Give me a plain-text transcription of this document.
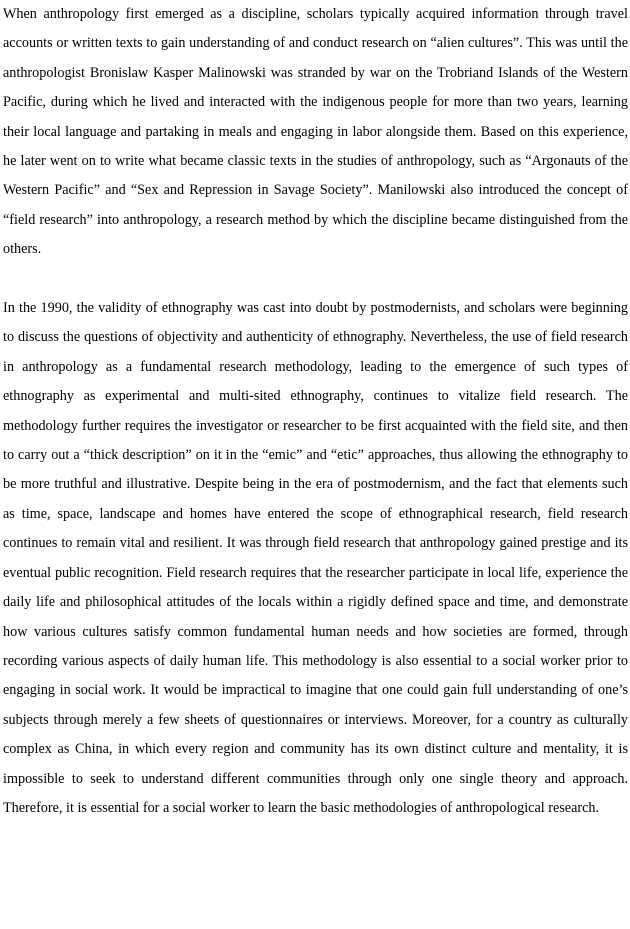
When anthropology first emerged as a discipline, scholars typically acquired information through travel accounts or written texts to gain understanding of and conduct research on “alien cultures”. This was until the anthropologist Bronislaw Kasper Malinowski was stranded by war on the Trobriand Islands of the Western Pacific, during which he lived and interacted with the indigenous people for more than two years, learning their local language and partaking in meals and engaging in labor alongside them. Based on this experience, he later went on to write what became classic texts in the studies of anthropology, such as “Argonauts of the Western Pacific” and “Sex and Repression in Savage Society”. Manilowski also introduced the concept of “field research” into anthropology, a research method by which the discipline became distinguished from the others.

In the 1990, the validity of ethnography was cast into doubt by postmodernists, and scholars were beginning to discuss the questions of objectivity and authenticity of ethnography. Nevertheless, the use of field research in anthropology as a fundamental research methodology, leading to the emergence of such types of ethnography as experimental and multi-sited ethnography, continues to vitalize field research. The methodology further requires the investigator or researcher to be first acquainted with the field site, and then to carry out a “thick description” on it in the “emic” and “etic” approaches, thus allowing the ethnography to be more truthful and illustrative. Despite being in the era of postmodernism, and the fact that elements such as time, space, landscape and homes have entered the scope of ethnographical research, field research continues to remain vital and resilient. It was through field research that anthropology gained prestige and its eventual public recognition. Field research requires that the researcher participate in local life, experience the daily life and philosophical attitudes of the locals within a rigidly defined space and time, and demonstrate how various cultures satisfy common fundamental human needs and how societies are formed, through recording various aspects of daily human life. This methodology is also essential to a social worker prior to engaging in social work. It would be impractical to imagine that one could gain full understanding of one’s subjects through merely a few sheets of questionnaires or interviews. Moreover, for a country as culturally complex as China, in which every region and community has its own distinct culture and mentality, it is impossible to seek to understand different communities through only one single theory and approach. Therefore, it is essential for a social worker to learn the basic methodologies of anthropological research.
